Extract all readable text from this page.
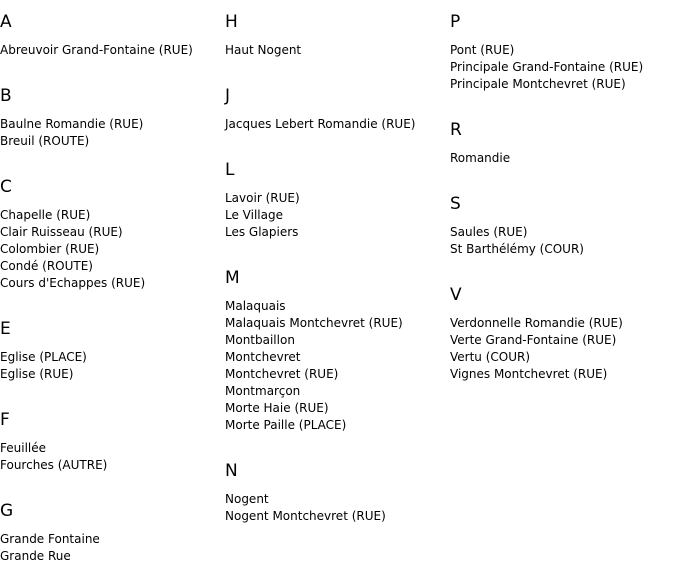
A
Abreuvoir Grand-Fontaine (RUE)
B
Baulne Romandie (RUE)
Breuil (ROUTE)
C
Chapelle (RUE)
Clair Ruisseau (RUE)
Colombier (RUE)
Condé (ROUTE)
Cours d'Echappes (RUE)
E
Eglise (PLACE)
Eglise (RUE)
F
Feuillée
Fourches (AUTRE)
G
Grande Fontaine
Grande Rue
H
Haut Nogent
J
Jacques Lebert Romandie (RUE)
L
Lavoir (RUE)
Le Village
Les Glapiers
M
Malaquais
Malaquais Montchevret (RUE)
Montbaillon
Montchevret
Montchevret (RUE)
Montmarçon
Morte Haie (RUE)
Morte Paille (PLACE)
N
Nogent
Nogent Montchevret (RUE)
P
Pont (RUE)
Principale Grand-Fontaine (RUE)
Principale Montchevret (RUE)
R
Romandie
S
Saules (RUE)
St Barthélémy (COUR)
V
Verdonnelle Romandie (RUE)
Verte Grand-Fontaine (RUE)
Vertu (COUR)
Vignes Montchevret (RUE)
